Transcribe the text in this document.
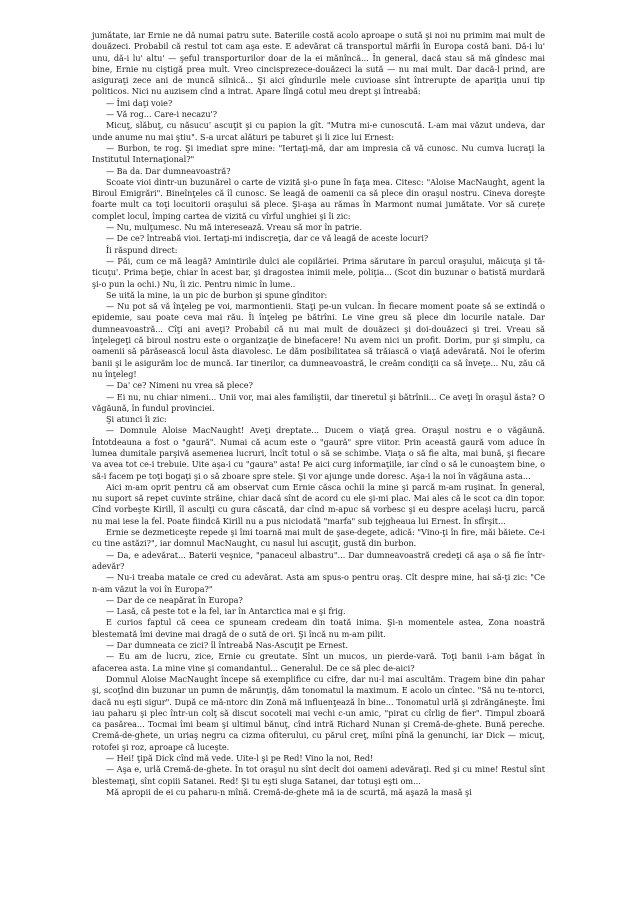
jumătate, iar Ernie ne dă numai patru sute. Bateriile costă acolo aproape o sută şi noi nu primim mai mult de douăzeci. Probabil că restul tot cam aşa este. E adevărat că transportul mărfii în Europa costă bani. Dă-i lu' unu, dă-i lu' altu' — şeful transporturilor doar de la ei mănîncă... În general, dacă stau să mă gîndesc mai bine, Ernie nu ciştigă prea mult. Vreo cincisprezece-douăzeci la sută — nu mai mult. Dar dacă-l prind, are asiguraţi zece ani de muncă silnică... Şi aici gîndurile mele cuvioase sînt întrerupte de apariţia unui tip politicos. Nici nu auzisem cînd a intrat. Apare lîngă cotul meu drept şi întreabă:

— Îmi daţi voie?

— Vă rog... Care-i necazu'?

Micuţ, slăbuţ, cu năsucu' ascuţit şi cu papion la gît. "Mutra mi-e cunoscută. L-am mai văzut undeva, dar unde anume nu mai ştiu". S-a urcat alături pe taburet şi îi zice lui Ernest:

— Burbon, te rog. Şi imediat spre mine: "Iertaţi-mă, dar am impresia că vă cunosc. Nu cumva lucraţi la Institutul Internaţional?"

— Ba da. Dar dumneavoastră?

Scoate vioi dintr-un buzunărel o carte de vizită şi-o pune în faţa mea. Citesc: "Aloise MacNaught, agent la Biroul Emigrări". Bineînţeles că îl cunosc. Se leagă de oamenii ca să plece din oraşul nostru. Cineva doreşte foarte mult ca toţi locuitorii oraşului să plece. Şi-aşa au rămas în Marmont numai jumătate. Vor să curețe complet locul, împing cartea de vizită cu vîrful unghiei şi îi zic:

— Nu, mulţumesc. Nu mă interesează. Vreau să mor în patrie.

— De ce? întreabă vioi. Iertaţi-mi indiscreţia, dar ce vă leagă de aceste locuri?

Îi răspund direct:

— Păi, cum ce mă leagă? Amintirile dulci ale copilăriei. Prima sărutare în parcul oraşului, măicuţa şi tă-ticuţu'. Prima beţie, chiar în acest bar, şi dragostea inimii mele, poliţia... (Scot din buzunar o batistă murdară şi-o pun la ochi.) Nu, îi zic. Pentru nimic în lume..

Se uită la mine, ia un pic de burbon şi spune gînditor:

— Nu pot să vă înţeleg pe voi, marmontienii. Staţi pe-un vulcan. În fiecare moment poate să se extindă o epidemie, sau poate ceva mai rău. Îi înţeleg pe bătrîni. Le vine greu să plece din locurile natale. Dar dumneavoastră... Cîţi ani aveţi? Probabil că nu mai mult de douăzeci şi doi-douăzeci şi trei. Vreau să înţelegeţi că biroul nostru este o organizaţie de binefacere! Nu avem nici un profit. Dorim, pur şi simplu, ca oamenii să părăsească locul ăsta diavolesc. Le dăm posibilitatea să trăiască o viaţă adevărată. Noi le oferim banii şi le asigurăm loc de muncă. Iar tinerilor, ca dumneavoastră, le creăm condiţii ca să înveţe... Nu, zău că nu înţeleg!

— Da' ce? Nimeni nu vrea să plece?

— Ei nu, nu chiar nimeni... Unii vor, mai ales familiştii, dar tineretul şi bătrînii... Ce aveţi în oraşul ăsta? O văgăună, în fundul provinciei.

Şi atunci îi zic:

— Domnule Aloise MacNaught! Aveţi dreptate... Ducem o viaţă grea. Oraşul nostru e o văgăună. Întotdeauna a fost o "gaură". Numai că acum este o "gaură" spre viitor. Prin această gaură vom aduce în lumea dumitale parşivă asemenea lucruri, încît totul o să se schimbe. Viaţa o să fie alta, mai bună, şi fiecare va avea tot ce-i trebuie. Uite aşa-i cu "gaura" asta! Pe aici curg informaţiile, iar cînd o să le cunoaştem bine, o să-i facem pe toţi bogaţi şi o să zboare spre stele. Şi vor ajunge unde doresc. Aşa-i la noi în văgăuna asta...

Aici m-am oprit pentru că am observat cum Ernie căsca ochii la mine şi parcă m-am ruşinat. În general, nu suport să repet cuvinte străine, chiar dacă sînt de acord cu ele şi-mi plac. Mai ales că le scot ca din topor. Cînd vorbeşte Kirill, îl asculţi cu gura căscată, dar cînd m-apuc să vorbesc şi eu despre acelaşi lucru, parcă nu mai iese la fel. Poate fiindcă Kirill nu a pus niciodată "marfa" sub tejgheaua lui Ernest. În sfîrşit...

Ernie se dezmeticeşte repede şi îmi toarnă mai mult de şase-degete, adică: "Vino-ţi în fire, măi băiete. Ce-i cu tine astăzi?", iar domnul MacNaught, cu nasul lui ascuţit, gustă din burbon.

— Da, e adevărat... Baterii veşnice, "panaceul albastru"... Dar dumneavoastră credeţi că aşa o să fie într-adevăr?

— Nu-i treaba matale ce cred cu adevărat. Asta am spus-o pentru oraş. Cît despre mine, hai să-ţi zic: "Ce n-am văzut la voi în Europa?"

— Dar de ce neapărat în Europa?

— Lasă, că peste tot e la fel, iar în Antarctica mai e şi frig.

E curios faptul că ceea ce spuneam credeam din toată inima. Şi-n momentele astea, Zona noastră blestemată îmi devine mai dragă de o sută de ori. Şi încă nu m-am pilit.

— Dar dumneata ce zici? îl întreabă Nas-Ascuţit pe Ernest.

— Eu am de lucru, zice, Ernie cu greutate. Sînt un mucos, un pierde-vară. Toţi banii i-am băgat în afacerea asta. La mine vine şi comandantul... Generalul. De ce să plec de-aici?

Domnul Aloise MacNaught începe să exemplifice cu cifre, dar nu-l mai ascultăm. Tragem bine din pahar şi, scoţînd din buzunar un pumn de mărunţiş, dăm tonomatul la maximum. E acolo un cîntec. "Să nu te-ntorci, dacă nu eşti sigur". După ce mă-ntorc din Zonă mă influenţează în bine... Tonomatul urlă şi zdrăngăneşte. Îmi iau paharu şi plec într-un colţ să discut socoteli mai vechi c-un amic, "pirat cu cîrlig de fier". Timpul zboară ca pasărea... Tocmai îmi beam şi ultimul bănuţ, cînd intră Richard Nunan şi Cremă-de-ghete. Bună pereche. Cremă-de-ghete, un uriaş negru ca cizma ofiterului, cu părul creţ, miîni pînă la genunchi, iar Dick — micuţ, rotofei şi roz, aproape că luceşte.

— Hei! ţipă Dick cînd mă vede. Uite-l şi pe Red! Vino la noi, Red!

— Aşa e, urlă Cremă-de-ghete. În tot oraşul nu sînt decît doi oameni adevăraţi. Red şi cu mine! Restul sînt blestemaţi, sînt copiii Satanei. Red! Şi tu eşti sluga Satanei, dar totuşi eşti om...

Mă apropii de ei cu paharu-n mînă. Cremă-de-ghete mă ia de scurtă, mă aşază la masă şi
